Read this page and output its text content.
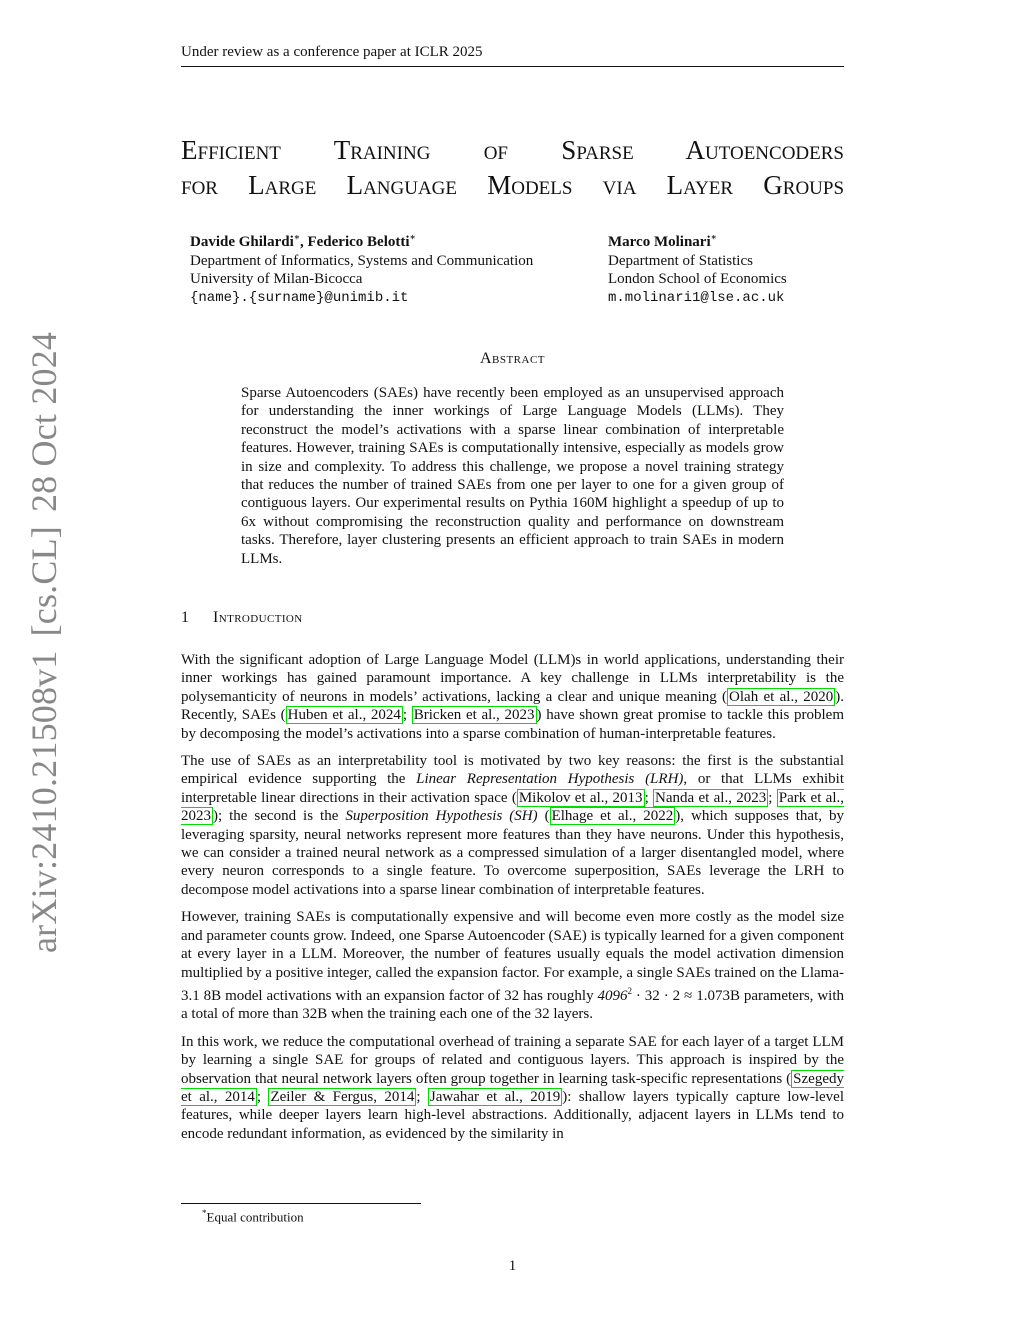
Under review as a conference paper at ICLR 2025
Efficient Training of Sparse Autoencoders
for Large Language Models via Layer Groups
Davide Ghilardi∗, Federico Belotti∗
Department of Informatics, Systems and Communication
University of Milan-Bicocca
{name}.{surname}@unimib.it
Marco Molinari∗
Department of Statistics
London School of Economics
m.molinari1@lse.ac.uk
Abstract
Sparse Autoencoders (SAEs) have recently been employed as an unsupervised approach for understanding the inner workings of Large Language Models (LLMs). They reconstruct the model’s activations with a sparse linear combination of interpretable features. However, training SAEs is computationally intensive, especially as models grow in size and complexity. To address this challenge, we propose a novel training strategy that reduces the number of trained SAEs from one per layer to one for a given group of contiguous layers. Our experimental results on Pythia 160M highlight a speedup of up to 6x without compromising the reconstruction quality and performance on downstream tasks. Therefore, layer clustering presents an efficient approach to train SAEs in modern LLMs.
1 Introduction

With the significant adoption of Large Language Model (LLM)s in world applications, understanding their inner workings has gained paramount importance. A key challenge in LLMs interpretability is the polysemanticity of neurons in models’ activations, lacking a clear and unique meaning ( Olah et al., 2020 ). Recently, SAEs ( Huben et al., 2024 ; Bricken et al., 2023 ) have shown great promise to tackle this problem by decomposing the model’s activations into a sparse combination of human-interpretable features.

The use of SAEs as an interpretability tool is motivated by two key reasons: the first is the substantial empirical evidence supporting the Linear Representation Hypothesis (LRH), or that LLMs exhibit interpretable linear directions in their activation space ( Mikolov et al., 2013 ; Nanda et al., 2023 ; Park et al., 2023 ); the second is the Superposition Hypothesis (SH) ( Elhage et al., 2022 ), which supposes that, by leveraging sparsity, neural networks represent more features than they have neurons. Under this hypothesis, we can consider a trained neural network as a compressed simulation of a larger disentangled model, where every neuron corresponds to a single feature. To overcome superposition, SAEs leverage the LRH to decompose model activations into a sparse linear combination of interpretable features.

However, training SAEs is computationally expensive and will become even more costly as the model size and parameter counts grow. Indeed, one Sparse Autoencoder (SAE) is typically learned for a given component at every layer in a LLM. Moreover, the number of features usually equals the model activation dimension multiplied by a positive integer, called the expansion factor. For example, a single SAEs trained on the Llama-3.1 8B model activations with an expansion factor of 32 has roughly $4096^2 \cdot 32 \cdot 2 \approx 1.073B$ parameters, with a total of more than 32B when the training each one of the 32 layers.

In this work, we reduce the computational overhead of training a separate SAE for each layer of a target LLM by learning a single SAE for groups of related and contiguous layers. This approach is inspired by the observation that neural network layers often group together in learning task-specific representations ( Szegedy et al., 2014 ; Zeiler & Fergus, 2014 ; Jawahar et al., 2019 ): shallow layers typically capture low-level features, while deeper layers learn high-level abstractions. Additionally, adjacent layers in LLMs tend to encode redundant information, as evidenced by the similarity in

*Equal contribution
1
arXiv:2410.21508v1[cs.CL]28 Oct 2024
